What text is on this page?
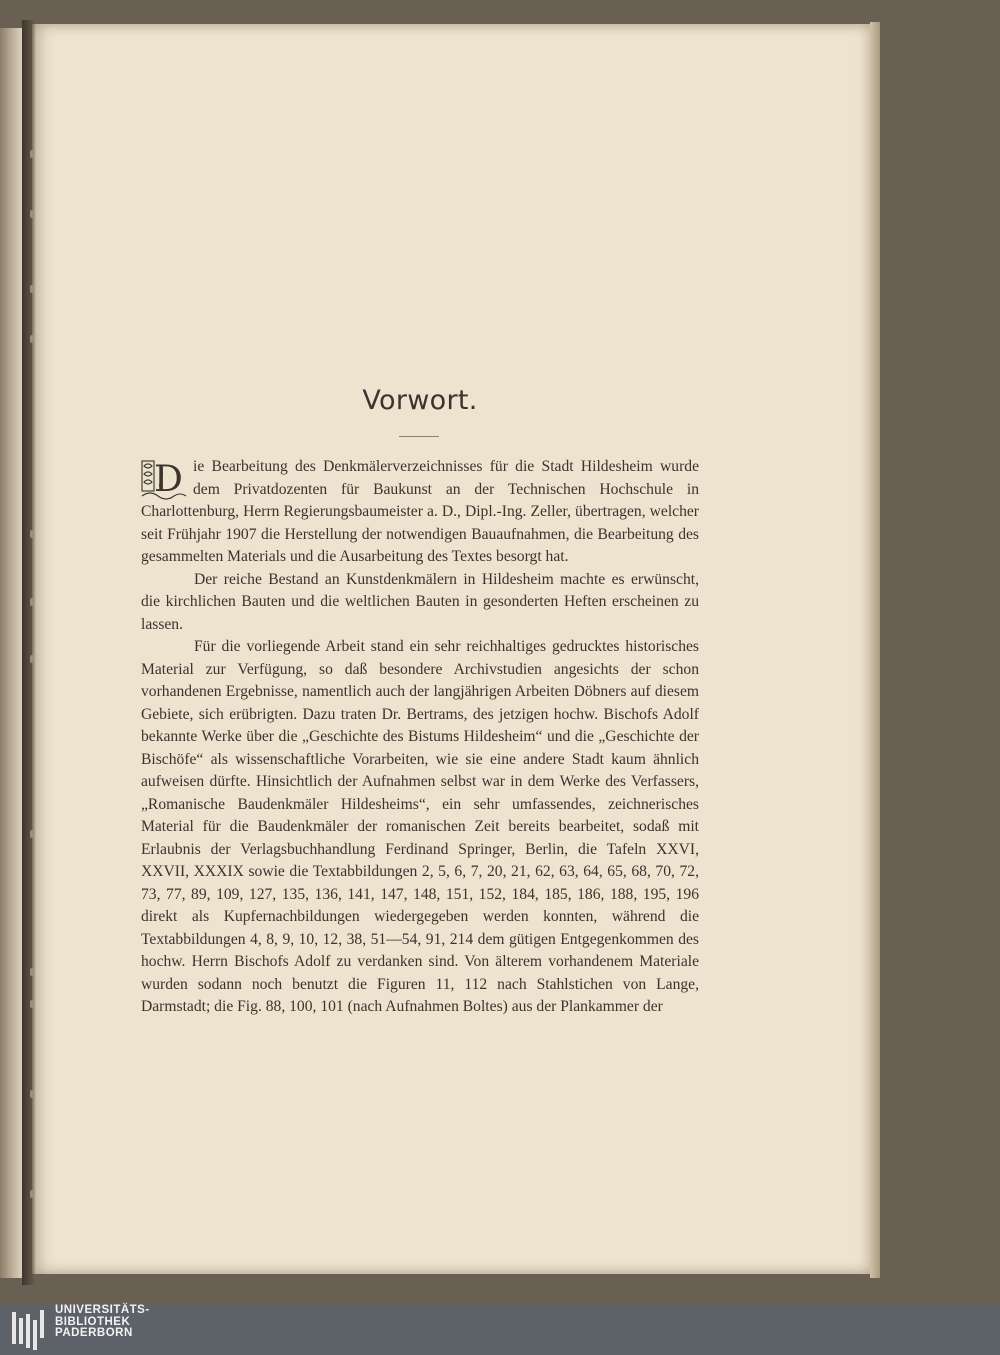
Vorwort.

D ie Bearbeitung des Denkmälerverzeichnisses für die Stadt Hildesheim wurde dem Privatdozenten für Baukunst an der Technischen Hochschule in Charlottenburg, Herrn Regierungsbaumeister a. D., Dipl.-Ing. Zeller, übertragen, welcher seit Frühjahr 1907 die Herstellung der notwendigen Bauaufnahmen, die Bearbeitung des gesammelten Materials und die Ausarbeitung des Textes besorgt hat.

Der reiche Bestand an Kunstdenkmälern in Hildesheim machte es erwünscht, die kirchlichen Bauten und die weltlichen Bauten in gesonderten Heften erscheinen zu lassen.

Für die vorliegende Arbeit stand ein sehr reichhaltiges gedrucktes historisches Material zur Verfügung, so daß besondere Archivstudien angesichts der schon vorhandenen Ergebnisse, namentlich auch der langjährigen Arbeiten Döbners auf diesem Gebiete, sich erübrigten. Dazu traten Dr. Bertrams, des jetzigen hochw. Bischofs Adolf bekannte Werke über die „Geschichte des Bistums Hildesheim“ und die „Geschichte der Bischöfe“ als wissenschaftliche Vorarbeiten, wie sie eine andere Stadt kaum ähnlich aufweisen dürfte. Hinsichtlich der Aufnahmen selbst war in dem Werke des Verfassers, „Romanische Baudenkmäler Hildesheims“, ein sehr umfassendes, zeichnerisches Material für die Baudenkmäler der romanischen Zeit bereits bearbeitet, sodaß mit Erlaubnis der Verlagsbuchhandlung Ferdinand Springer, Berlin, die Tafeln XXVI, XXVII, XXXIX sowie die Textabbildungen 2, 5, 6, 7, 20, 21, 62, 63, 64, 65, 68, 70, 72, 73, 77, 89, 109, 127, 135, 136, 141, 147, 148, 151, 152, 184, 185, 186, 188, 195, 196 direkt als Kupfernachbildungen wiedergegeben werden konnten, während die Textabbildungen 4, 8, 9, 10, 12, 38, 51—54, 91, 214 dem gütigen Entgegenkommen des hochw. Herrn Bischofs Adolf zu verdanken sind. Von älterem vorhandenem Materiale wurden sodann noch benutzt die Figuren 11, 112 nach Stahlstichen von Lange, Darmstadt; die Fig. 88, 100, 101 (nach Aufnahmen Boltes) aus der Plankammer der

UNIVERSITÄTS-
BIBLIOTHEK
PADERBORN
